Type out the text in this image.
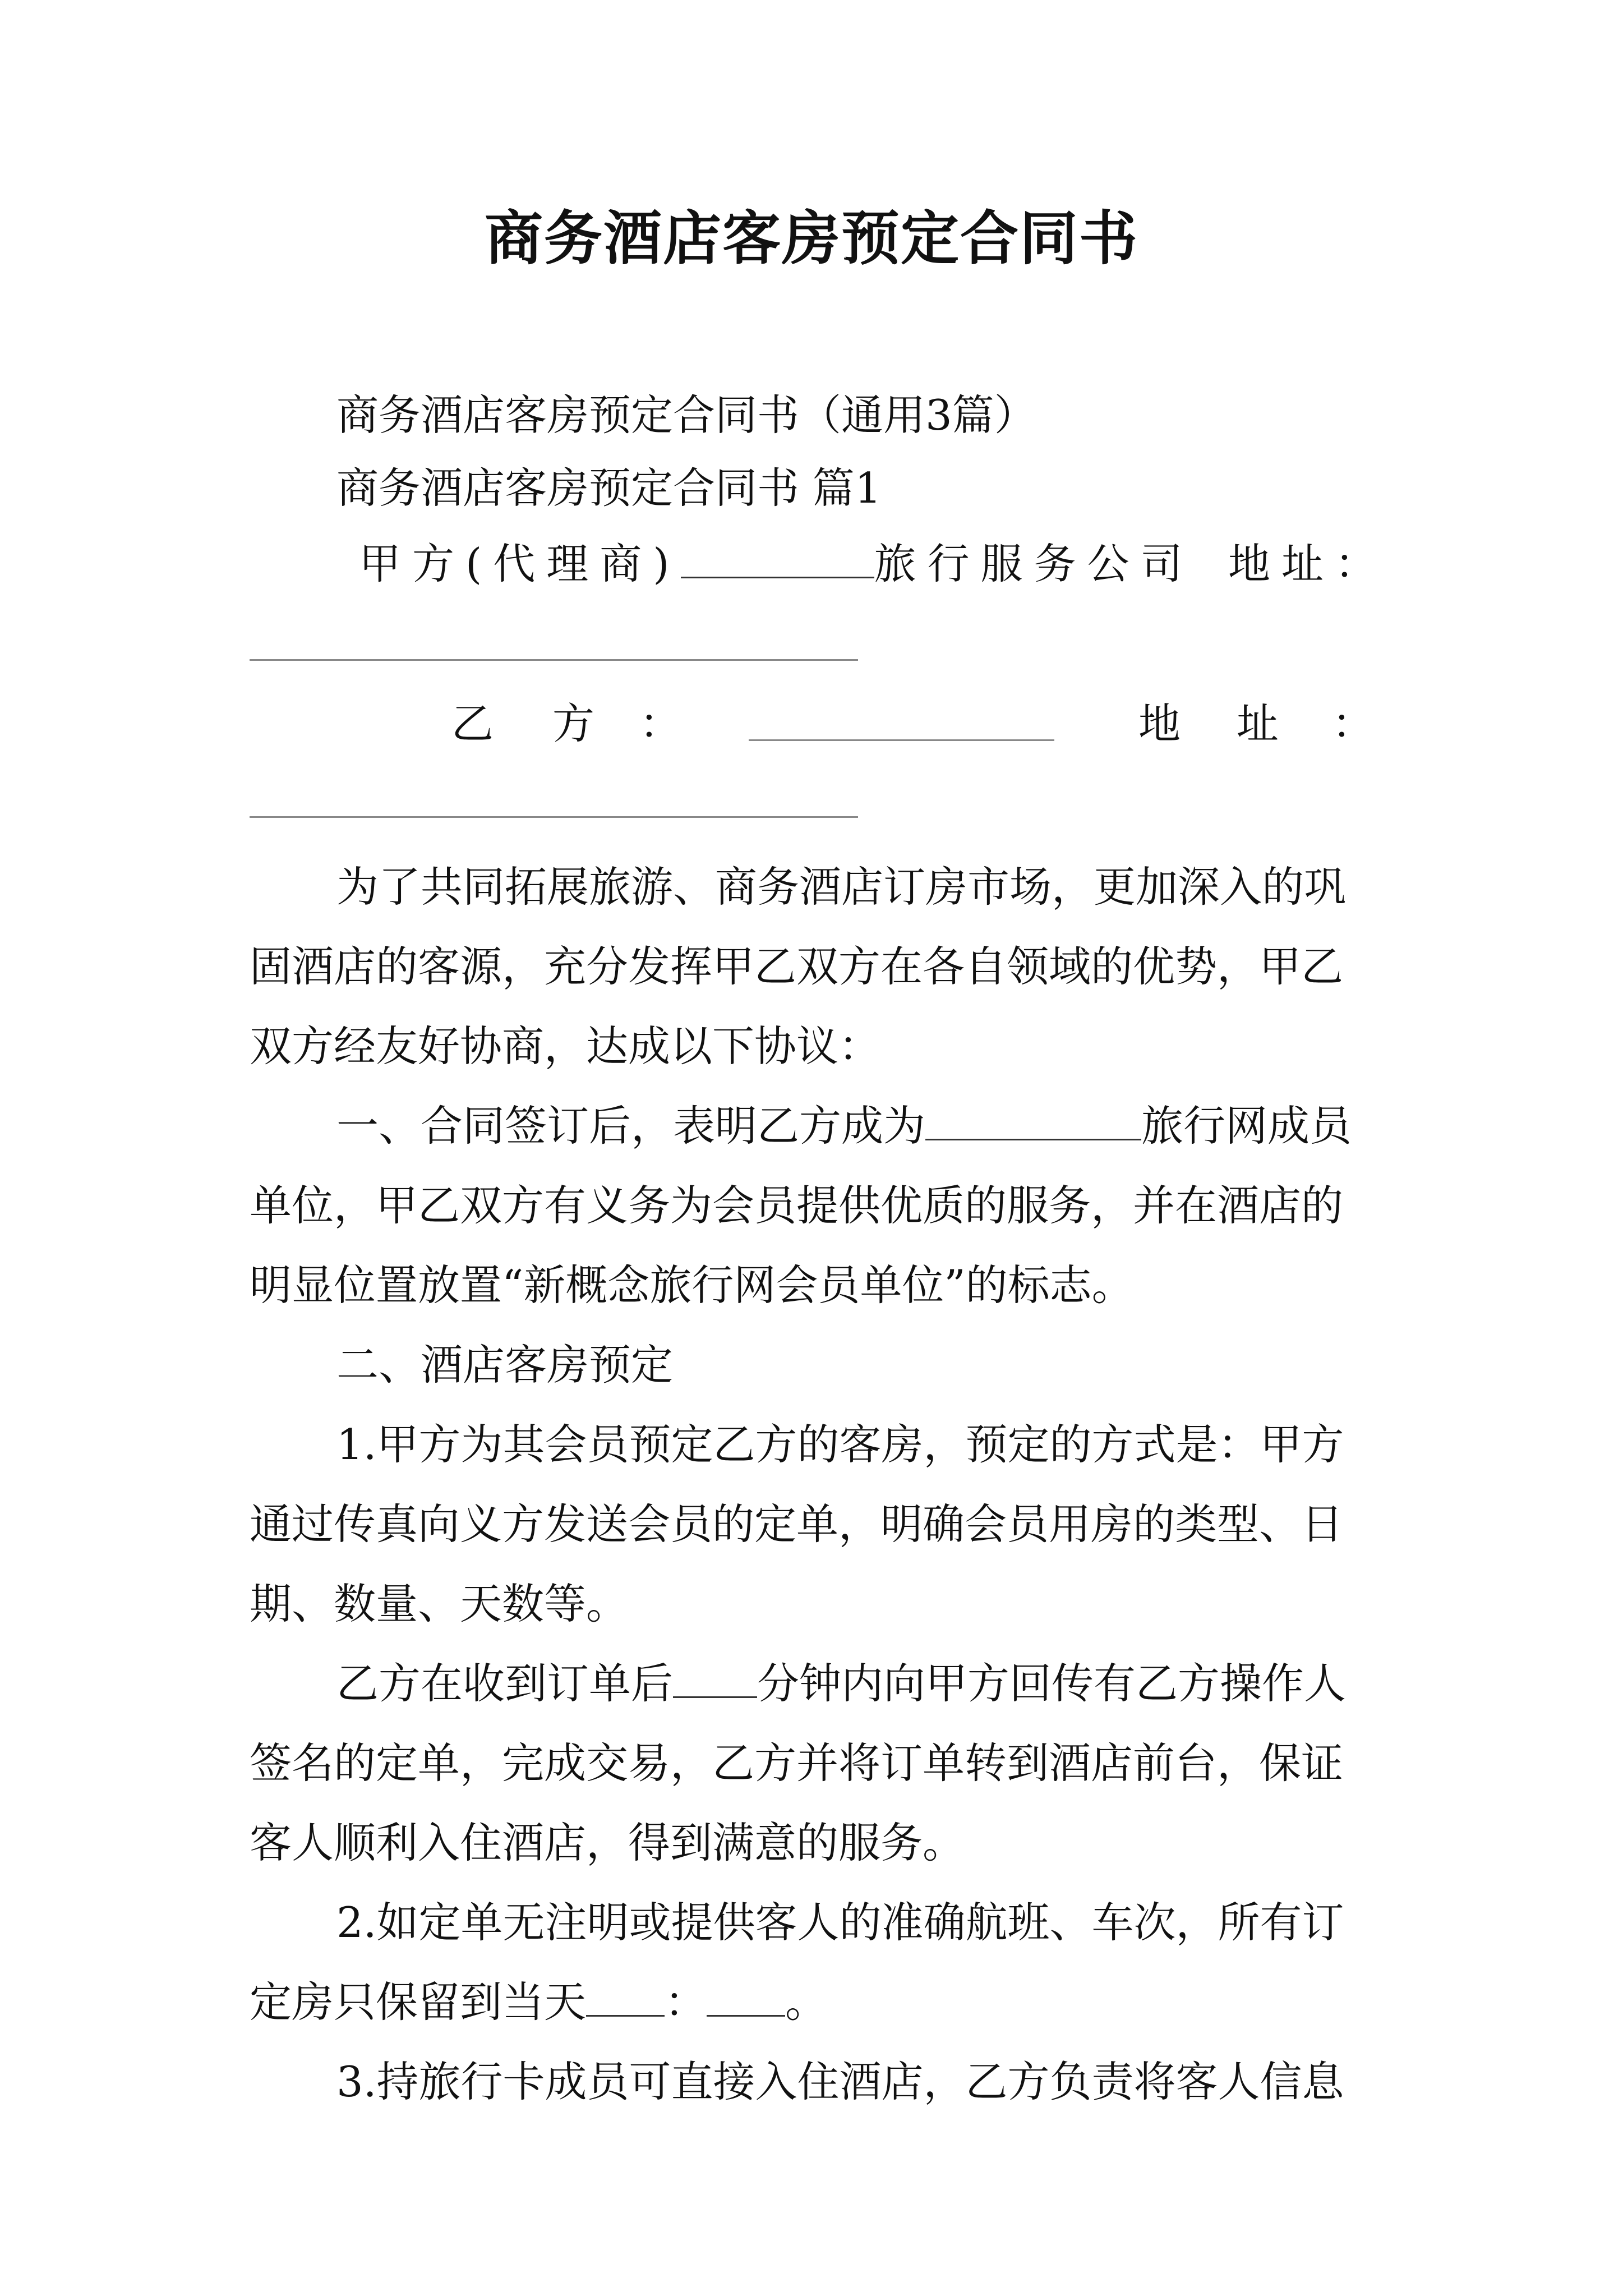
商务酒店客房预定合同书
商务酒店客房预定合同书（通用3篇）
商务酒店客房预定合同书 篇1
甲方(代理商)	旅行服务公司 地址：
乙 方 ：	地 址 ：
为了共同拓展旅游、商务酒店订房市场，更加深入的巩
固酒店的客源，充分发挥甲乙双方在各自领域的优势，甲乙
双方经友好协商，达成以下协议：
一、合同签订后，表明乙方成为	旅行网成员
单位，甲乙双方有义务为会员提供优质的服务，并在酒店的
明显位置放置“新概念旅行网会员单位”的标志。
二、酒店客房预定
1.甲方为其会员预定乙方的客房，预定的方式是：甲方
通过传真向义方发送会员的定单，明确会员用房的类型、日
期、数量、天数等。
乙方在收到订单后 分钟内向甲方回传有乙方操作人
签名的定单，完成交易，乙方并将订单转到酒店前台，保证
客人顺利入住酒店，得到满意的服务。
2.如定单无注明或提供客人的准确航班、车次，所有订
定房只保留到当天 ： 。
3.持旅行卡成员可直接入住酒店，乙方负责将客人信息
